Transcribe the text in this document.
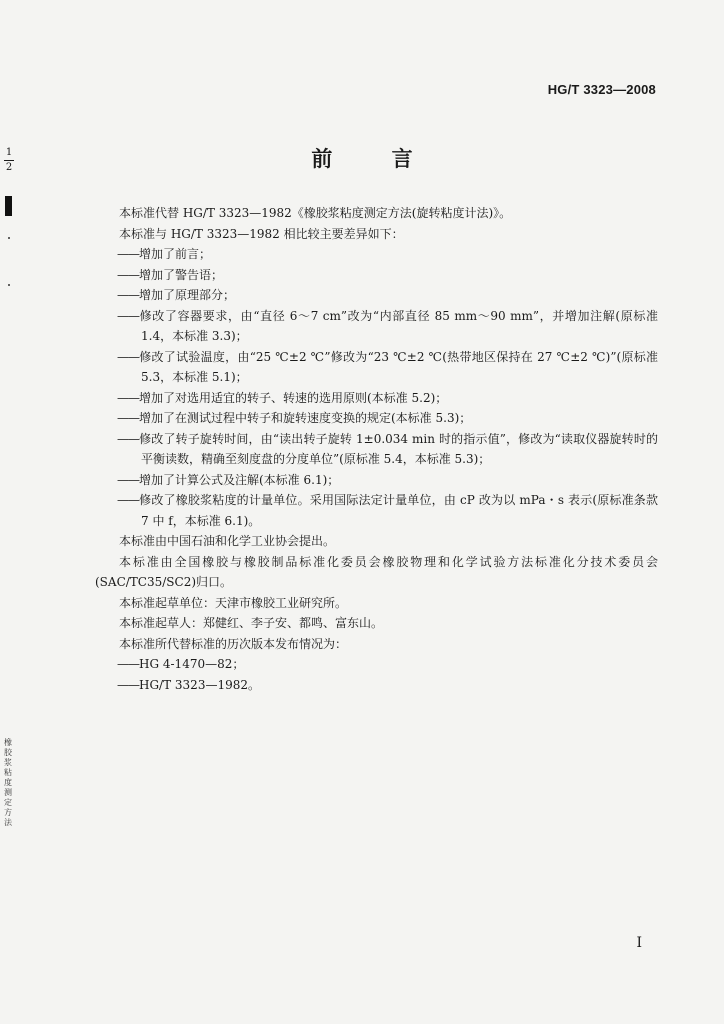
HG/T 3323—2008
前 言
本标准代替 HG/T 3323—1982《橡胶浆粘度测定方法(旋转粘度计法)》。
本标准与 HG/T 3323—1982 相比较主要差异如下：
——增加了前言；
——增加了警告语；
——增加了原理部分；
——修改了容器要求，由“直径 6～7 cm”改为“内部直径 85 mm～90 mm”，并增加注解(原标准 1.4，本标准 3.3)；
——修改了试验温度，由“25 ℃±2 ℃”修改为“23 ℃±2 ℃(热带地区保持在 27 ℃±2 ℃)”(原标准 5.3，本标准 5.1)；
——增加了对选用适宜的转子、转速的选用原则(本标准 5.2)；
——增加了在测试过程中转子和旋转速度变换的规定(本标准 5.3)；
——修改了转子旋转时间，由“读出转子旋转 1±0.034 min 时的指示值”，修改为“读取仪器旋转时的平衡读数，精确至刻度盘的分度单位”(原标准 5.4，本标准 5.3)；
——增加了计算公式及注解(本标准 6.1)；
——修改了橡胶浆粘度的计量单位。采用国际法定计量单位，由 cP 改为以 mPa・s 表示(原标准条款 7 中 f，本标准 6.1)。
本标准由中国石油和化学工业协会提出。
本标准由全国橡胶与橡胶制品标准化委员会橡胶物理和化学试验方法标准化分技术委员会(SAC/TC35/SC2)归口。
本标准起草单位：天津市橡胶工业研究所。
本标准起草人：郑健红、李子安、都鸣、富东山。
本标准所代替标准的历次版本发布情况为：
——HG 4-1470—82；
——HG/T 3323—1982。
1
2
橡
胶
浆
粘
度
测
定
方
法
I
